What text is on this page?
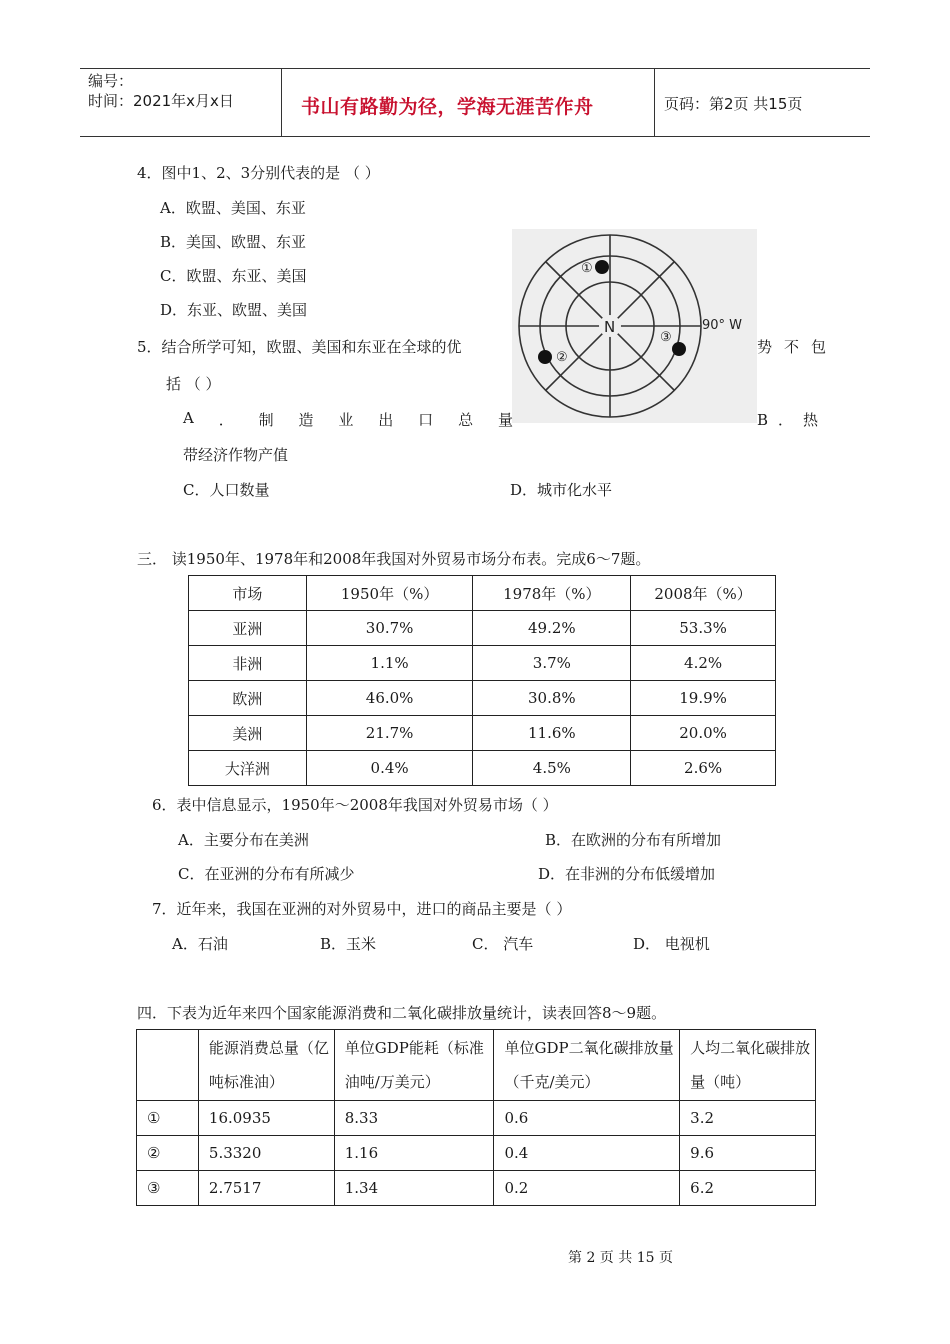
编号：
时间：2021年x月x日	书山有路勤为径，学海无涯苦作舟	页码：第2页 共15页
4．图中1、2、3分别代表的是 （ ）
A．欧盟、美国、东亚
B．美国、欧盟、东亚
C．欧盟、东亚、美国
D．东亚、欧盟、美国
N	90° W
①
②
③
5．结合所学可知，欧盟、美国和东亚在全球的优	势不包
括 （ ）
A ． 制 造 业 出 口 总 量	B．热
带经济作物产值
C．人口数量	D．城市化水平
三． 读1950年、1978年和2008年我国对外贸易市场分布表。完成6～7题。
市场	1950年（%）	1978年（%）	2008年（%）
亚洲	30.7%	49.2%	53.3%
非洲	1.1%	3.7%	4.2%
欧洲	46.0%	30.8%	19.9%
美洲	21.7%	11.6%	20.0%
大洋洲	0.4%	4.5%	2.6%
6．表中信息显示，1950年～2008年我国对外贸易市场（ ）
A．主要分布在美洲	B．在欧洲的分布有所增加
C．在亚洲的分布有所减少	D．在非洲的分布低缓增加
7．近年来，我国在亚洲的对外贸易中，进口的商品主要是（ ）
A．石油	B．玉米	C． 汽车	D． 电视机
四．下表为近年来四个国家能源消费和二氧化碳排放量统计，读表回答8～9题。
	能源消费总量（亿吨标准油）	单位GDP能耗（标准油吨/万美元）	单位GDP二氧化碳排放量（千克/美元）	人均二氧化碳排放量（吨）
①	16.0935	8.33	0.6	3.2
②	5.3320	1.16	0.4	9.6
③	2.7517	1.34	0.2	6.2
第 2 页 共 15 页
